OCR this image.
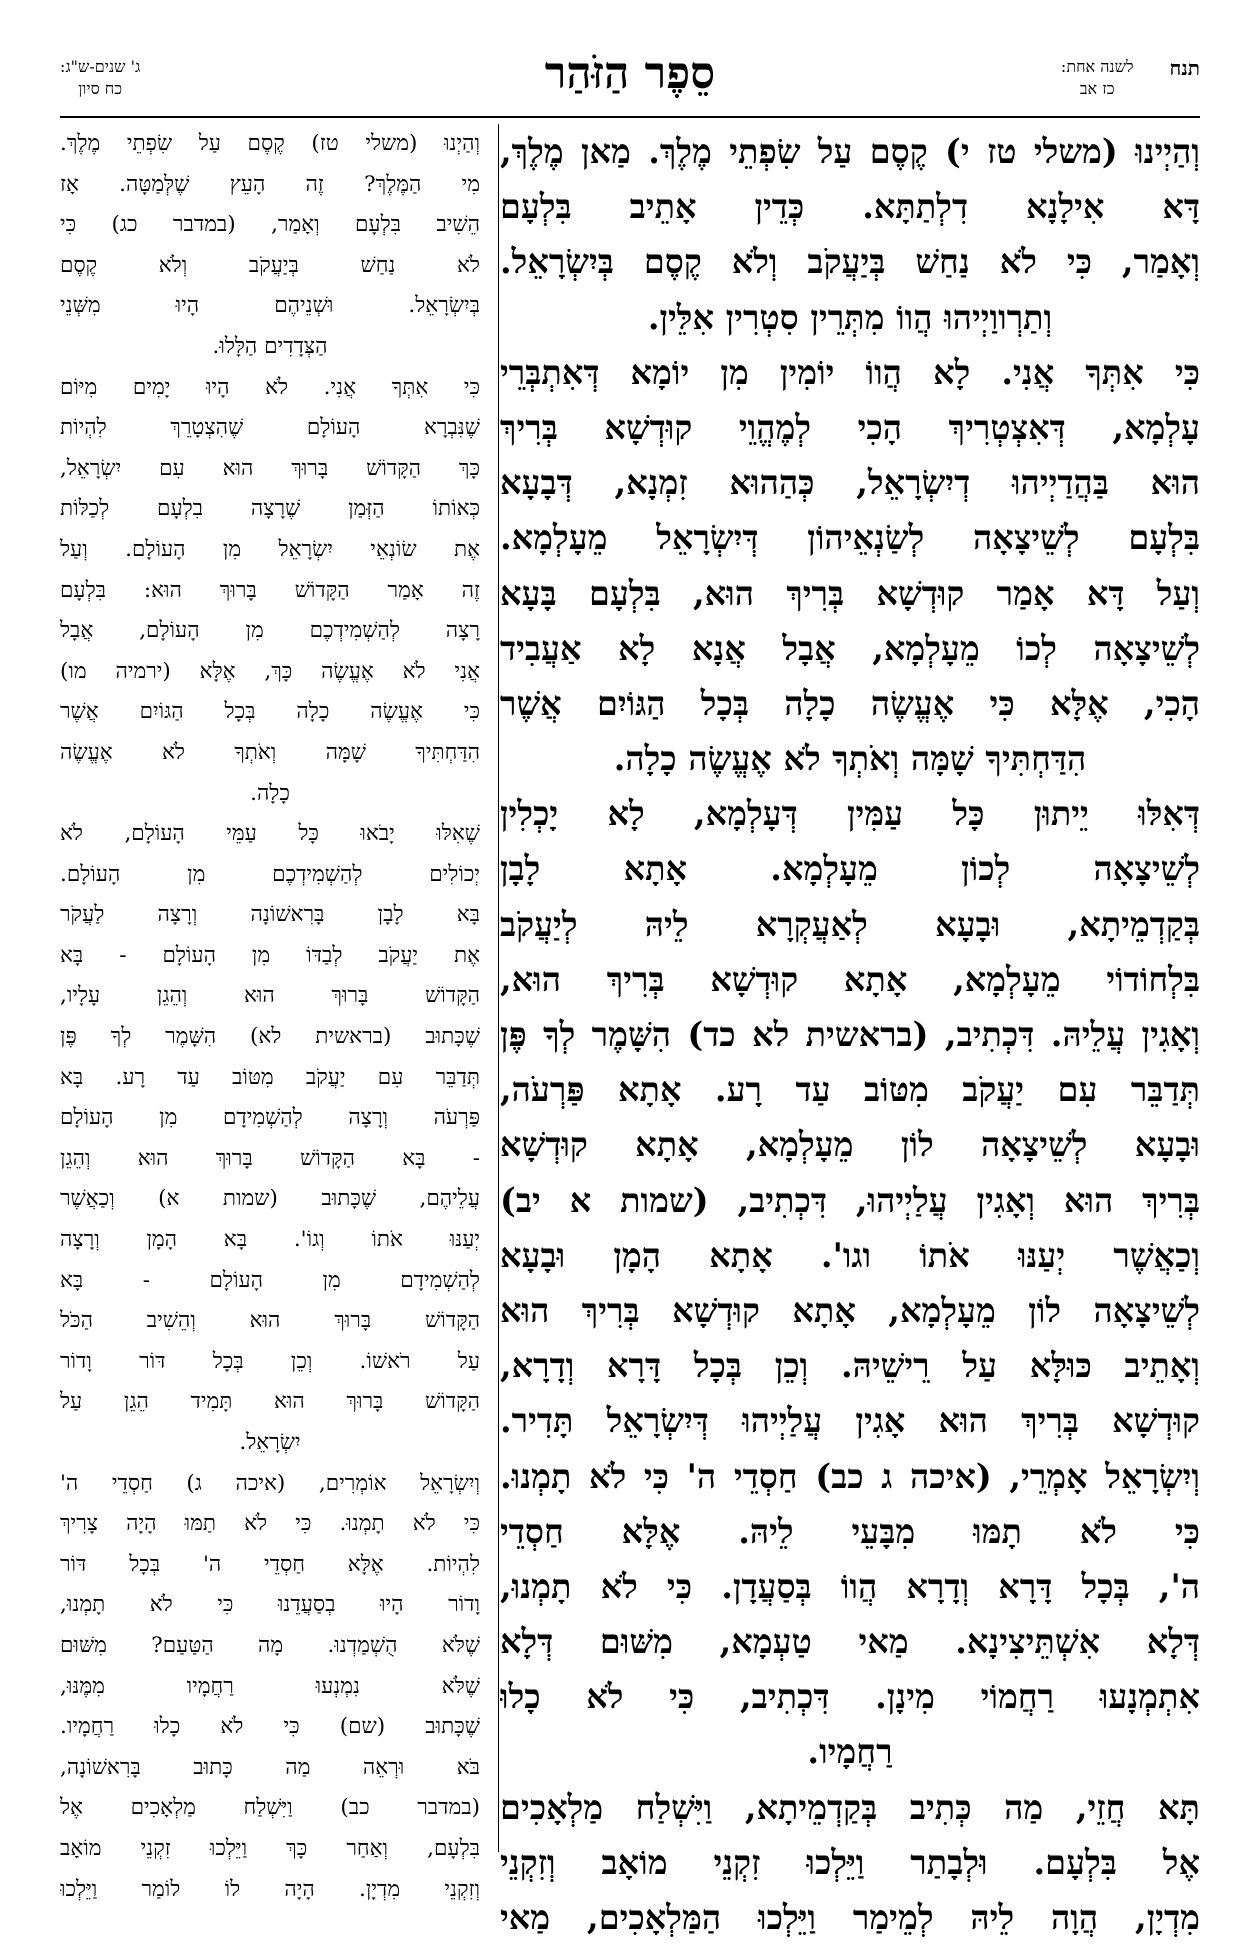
תנח
לשנה אחת:
כז אב
סֵפֶר הַזֹּהַר
ג' שנים-ש"ג:
כח סיון
וְהַיְינוּ (משלי טז י) קֶסֶם עַל שִׂפְתֵי מֶלֶךְ. מַאן מֶלֶךְ,
דָּא אִילָנָא דִלְתַתָּא. כְּדֵין אָתֵיב בִּלְעָם
וְאָמַר, כִּי לֹא נַחַשׁ בְּיַעֲקֹב וְלֹא קֶסֶם בְּיִשְׂרָאֵל.
וְתַרְווַיְיהוּ הֲווֹ מִתְּרֵין סִטְרִין אִלֵּין.
כִּי אִתְּךָ אֲנִי. לָא הֲווֹ יוֹמִין מִן יוֹמָא דְּאִתְבְּרֵי
עָלְמָא, דְּאִצְטְרִיךְ הָכִי לְמֶהֱוֵי קוּדְשָׁא בְּרִיךְ
הוּא בַּהֲדַיְיהוּ דְיִשְׂרָאֵל, כְּהַהוּא זִמְנָא, דְּבָעָא
בִּלְעָם לְשֵׁיצָאָה לְשַׂנְאֵיהוֹן דְּיִשְׂרָאֵל מֵעָלְמָא.
וְעַל דָּא אָמַר קוּדְשָׁא בְּרִיךְ הוּא, בִּלְעָם בָּעָא
לְשֵׁיצָאָה לְכוֹ מֵעָלְמָא, אֲבָל אֲנָא לָא אַעֲבִיד
הָכִי, אֶלָּא כִּי אֶעֱשֶׂה כָלָה בְּכָל הַגּוֹיִם אֲשֶׁר
הִדַּחְתִּיךָ שָׁמָּה וְאֹתְךָ לֹא אֶעֱשֶׂה כָלָה.
דְּאִלּוּ יֵיתוּן כָּל עַמִּין דְּעָלְמָא, לָא יָכְלִין
לְשֵׁיצָאָה לְכוֹן מֵעָלְמָא. אָתָא לָבָן
בְּקַדְמֵיתָא, וּבָעָא לְאַעֲקְרָא לֵיהּ לְיַעֲקֹב
בִּלְחוֹדוֹי מֵעָלְמָא, אָתָא קוּדְשָׁא בְּרִיךְ הוּא,
וְאָגִין עֲלֵיהּ. דִּכְתִיב, (בראשית לא כד) הִשָּׁמֶר לְךָ פֶּן
תְּדַבֵּר עִם יַעֲקֹב מִטּוֹב עַד רָע. אָתָא פַּרְעֹה,
וּבָעָא לְשֵׁיצָאָה לוֹן מֵעָלְמָא, אָתָא קוּדְשָׁא
בְּרִיךְ הוּא וְאָגִין עֲלַיְיהוּ, דִּכְתִיב, (שמות א יב)
וְכַאֲשֶׁר יְעַנּוּ אֹתוֹ וגו'. אָתָא הָמָן וּבָעָא
לְשֵׁיצָאָה לוֹן מֵעָלְמָא, אָתָא קוּדְשָׁא בְּרִיךְ הוּא
וְאָתֵיב כּוּלָּא עַל רֵישֵׁיהּ. וְכֵן בְּכָל דָּרָא וְדָרָא,
קוּדְשָׁא בְּרִיךְ הוּא אָגִין עֲלַיְיהוּ דְּיִשְׂרָאֵל תָּדִיר.
וְיִשְׂרָאֵל אָמְרֵי, (איכה ג כב) חַסְדֵי ה' כִּי לֹא תָמְנוּ.
כִּי לֹא תָמּוּ מִבָּעֵי לֵיהּ. אֶלָּא חַסְדֵי
ה', בְּכָל דָּרָא וְדָרָא הֲווֹ בְּסַעֲדָן. כִּי לֹא תָמְנוּ,
דְּלָא אִשְׁתֵּיצִינָא. מַאי טַעְמָא, מִשּׁוּם דְּלָא
אִתְמְנָעוּ רַחֲמוֹי מִינָן. דִּכְתִיב, כִּי לֹא כָלוּ
רַחֲמָיו.
תָּא חֲזֵי, מַה כְּתִיב בְּקַדְמֵיתָא, וַיִּשְׁלַח מַלְאָכִים
אֶל בִּלְעָם. וּלְבָתַר וַיֵּלְכוּ זִקְנֵי מוֹאָב וְזִקְנֵי
מִדְיָן, הֲוָה לֵיהּ לְמֵימַר וַיֵּלְכוּ הַמַּלְאָכִים, מַאי
וְהַיְנוּ (משלי טז) קֶסֶם עַל שִׂפְתֵי מֶלֶךְ.
מִי הַמֶּלֶךְ? זֶה הָעֵץ שֶׁלְּמַטָּה. אָז
הֵשִׁיב בִּלְעָם וְאָמַר, (במדבר כג) כִּי
לֹא נַחַשׁ בְּיַעֲקֹב וְלֹא קֶסֶם
בְּיִשְׂרָאֵל. וּשְׁנֵיהֶם הָיוּ מִשְּׁנֵי
הַצְּדָדִים הַלָּלוּ.
כִּי אִתְּךָ אֲנִי. לֹא הָיוּ יָמִים מִיּוֹם
שֶׁנִּבְרָא הָעוֹלָם שֶׁהִצְטָרֵךְ לִהְיוֹת
כָּךְ הַקָּדוֹשׁ בָּרוּךְ הוּא עִם יִשְׂרָאֵל,
כְּאוֹתוֹ הַזְּמַן שֶׁרָצָה בִלְעָם לְכַלּוֹת
אֶת שׂוֹנְאֵי יִשְׂרָאֵל מִן הָעוֹלָם. וְעַל
זֶה אָמַר הַקָּדוֹשׁ בָּרוּךְ הוּא: בִּלְעָם
רָצָה לְהַשְׁמִידְכֶם מִן הָעוֹלָם, אֲבָל
אֲנִי לֹא אֶעֱשֶׂה כָּךְ, אֶלָּא (ירמיה מו)
כִּי אֶעֱשֶׂה כָלָה בְּכָל הַגּוֹיִם אֲשֶׁר
הִדַּחְתִּיךָ שָׁמָּה וְאֹתְךָ לֹא אֶעֱשֶׂה
כָלָה.
שֶׁאִלּוּ יָבֹאוּ כָּל עַמֵּי הָעוֹלָם, לֹא
יְכוֹלִים לְהַשְׁמִידְכֶם מִן הָעוֹלָם.
בָּא לָבָן בָּרִאשׁוֹנָה וְרָצָה לַעֲקֹר
אֶת יַעֲקֹב לְבַדּוֹ מִן הָעוֹלָם - בָּא
הַקָּדוֹשׁ בָּרוּךְ הוּא וְהֵגֵן עָלָיו,
שֶׁכָּתוּב (בראשית לא) הִשָּׁמֶר לְךָ פֶּן
תְּדַבֵּר עִם יַעֲקֹב מִטּוֹב עַד רָע. בָּא
פַּרְעֹה וְרָצָה לְהַשְׁמִידָם מִן הָעוֹלָם
- בָּא הַקָּדוֹשׁ בָּרוּךְ הוּא וְהֵגֵן
עֲלֵיהֶם, שֶׁכָּתוּב (שמות א) וְכַאֲשֶׁר
יְעַנּוּ אֹתוֹ וְגוֹ'. בָּא הָמָן וְרָצָה
לְהַשְׁמִידָם מִן הָעוֹלָם - בָּא
הַקָּדוֹשׁ בָּרוּךְ הוּא וְהֵשִׁיב הַכֹּל
עַל רֹאשׁוֹ. וְכֵן בְּכָל דּוֹר וָדוֹר
הַקָּדוֹשׁ בָּרוּךְ הוּא תָּמִיד הֵגֵן עַל
יִשְׂרָאֵל.
וְיִשְׂרָאֵל אוֹמְרִים, (איכה ג) חַסְדֵי ה'
כִּי לֹא תָמְנוּ. כִּי לֹא תַמּוּ הָיָה צָרִיךְ
לִהְיוֹת. אֶלָּא חַסְדֵי ה' בְּכָל דּוֹר
וָדוֹר הָיוּ בְסַעֲדֵנוּ כִּי לֹא תָמְנוּ,
שֶׁלֹּא הֻשְׁמַדְנוּ. מָה הַטַּעַם? מִשּׁוּם
שֶׁלֹּא נִמְנְעוּ רַחֲמָיו מִמֶּנּוּ,
שֶׁכָּתוּב (שם) כִּי לֹא כָלוּ רַחֲמָיו.
בֹּא וּרְאֵה מַה כָּתוּב בָּרִאשׁוֹנָה,
(במדבר כב) וַיִּשְׁלַח מַלְאָכִים אֶל
בִּלְעָם, וְאַחַר כָּךְ וַיֵּלְכוּ זִקְנֵי מוֹאָב
וְזִקְנֵי מִדְיָן. הָיָה לוֹ לוֹמַר וַיֵּלְכוּ
